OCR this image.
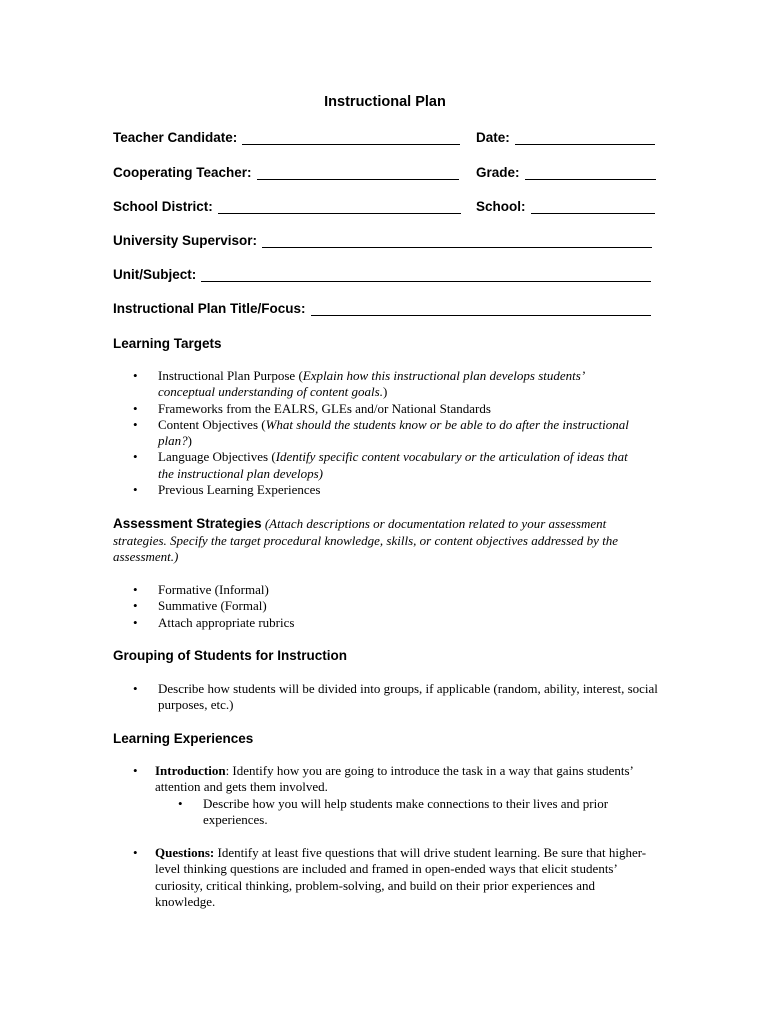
Instructional Plan
Teacher Candidate:	Date:
Cooperating Teacher:	Grade:
School District:	School:
University Supervisor:
Unit/Subject:
Instructional Plan Title/Focus:
Learning Targets
• Instructional Plan Purpose (Explain how this instructional plan develops students’ conceptual understanding of content goals.)
• Frameworks from the EALRS, GLEs and/or National Standards
• Content Objectives (What should the students know or be able to do after the instructional plan?)
• Language Objectives (Identify specific content vocabulary or the articulation of ideas that the instructional plan develops)
• Previous Learning Experiences
Assessment Strategies (Attach descriptions or documentation related to your assessment strategies. Specify the target procedural knowledge, skills, or content objectives addressed by the assessment.)
• Formative (Informal)
• Summative (Formal)
• Attach appropriate rubrics
Grouping of Students for Instruction
• Describe how students will be divided into groups, if applicable (random, ability, interest, social purposes, etc.)
Learning Experiences
• Introduction: Identify how you are going to introduce the task in a way that gains students’ attention and gets them involved.
• Describe how you will help students make connections to their lives and prior experiences.
• Questions: Identify at least five questions that will drive student learning. Be sure that higher-level thinking questions are included and framed in open-ended ways that elicit students’ curiosity, critical thinking, problem-solving, and build on their prior experiences and knowledge.
